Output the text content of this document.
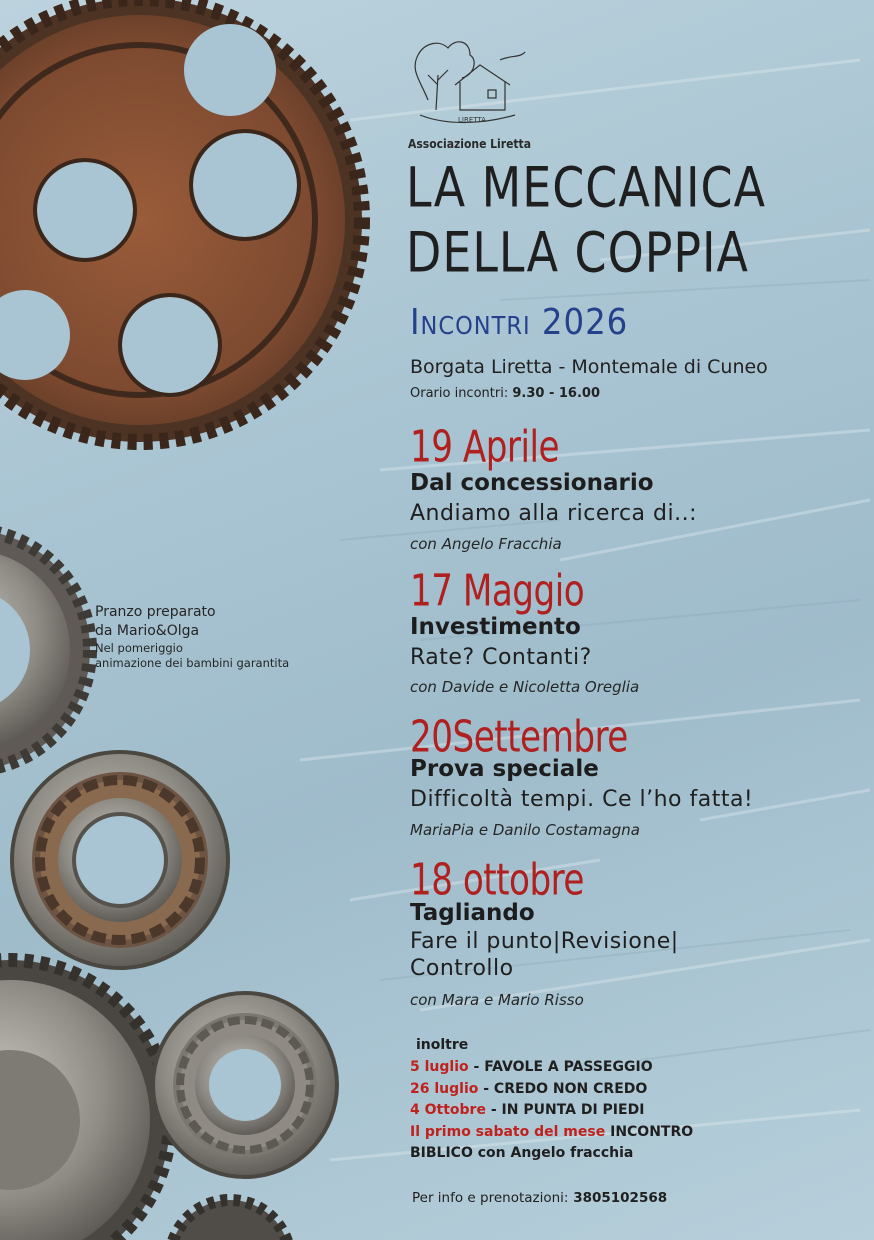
LIRETTA
Associazione Liretta
LA MECCANICA
DELLA COPPIA
Incontri 2026
Borgata Liretta - Montemale di Cuneo
Orario incontri: 9.30 - 16.00
19 Aprile
Dal concessionario
Andiamo alla ricerca di..:
con Angelo Fracchia
17 Maggio
Investimento
Rate? Contanti?
con Davide e Nicoletta Oreglia
20Settembre
Prova speciale
Difficoltà tempi. Ce l’ho fatta!
MariaPia e Danilo Costamagna
18 ottobre
Tagliando
Fare il punto|Revisione|
Controllo
con Mara e Mario Risso
Pranzo preparato
da Mario&Olga
Nel pomeriggio
animazione dei bambini garantita
inoltre
5 luglio - FAVOLE A PASSEGGIO
26 luglio - CREDO NON CREDO
4 Ottobre - IN PUNTA DI PIEDI
Il primo sabato del mese INCONTRO
BIBLICO con Angelo fracchia
Per info e prenotazioni: 3805102568
